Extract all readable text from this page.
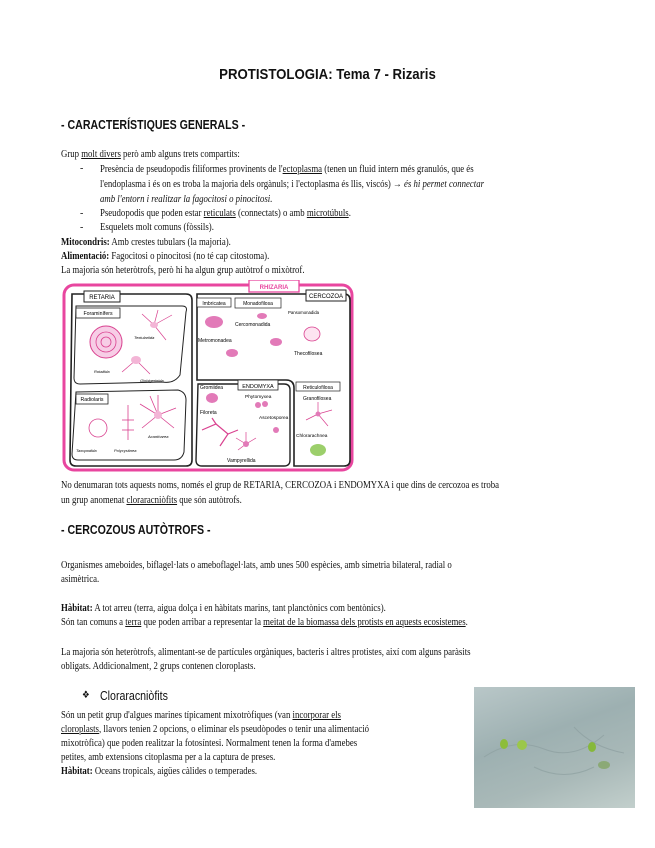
PROTISTOLOGIA: Tema 7 - Rizaris
- CARACTERÍSTIQUES GENERALS -
Grup molt divers però amb alguns trets compartits:
- Presència de pseudopodis filiformes provinents de l'ectoplasma (tenen un fluid intern més granulós, que és
l'endoplasma i és on es troba la majoria dels orgànuls; i l'ectoplasma és llis, viscós) → és hi permet connectar
amb l'entorn i realitzar la fagocitosi o pinocitosi.
- Pseudopodis que poden estar reticulats (connectats) o amb microtúbuls.
- Esquelets molt comuns (fòssils).
Mitocondris: Amb crestes tubulars (la majoria).
Alimentació: Fagocitosi o pinocitosi (no té cap citostoma).
La majoria són heteròtrofs, però hi ha algun grup autòtrof o mixòtrof.
RHIZARIA
RETARIA
Foraminífers
Textulariida
Rotaliida
Globigerinida
Radiolaris
Taxopodida	Polycystinea
Acantharea
CERCOZOA
Imbricatea	Monadofilosa
Pansomonadida
Cercomonadida
Metromonadea
Thecofilosea
ENDOMYXA
Gromiidea
Filoreta
Phytomyxea
Ascetosporea
Vampyrellida
Reticulofilosa
Granofilosea
Chlorarachnea
No denumaran tots aquests noms, només el grup de RETARIA, CERCOZOA i ENDOMYXA i que dins de cercozoa es troba
un grup anomenat cloraracniòfits que són autòtrofs.
- CERCOZOUS AUTÒTROFS -
Organismes ameboides, biflagel·lats o ameboflagel·lats, amb unes 500 espècies, amb simetria bilateral, radial o
asimètrica.
Hàbitat: A tot arreu (terra, aigua dolça i en hàbitats marins, tant planctònics com bentònics).
Són tan comuns a terra que poden arribar a representar la meitat de la biomassa dels protists en aquests ecosistemes.
La majoria són heteròtrofs, alimentant-se de partícules orgàniques, bacteris i altres protistes, així com alguns paràsits
obligats. Addicionalment, 2 grups contenen cloroplasts.
❖ Cloraracniòfits
Són un petit grup d'algues marines típicament mixotròfiques (van incorporar els
cloroplasts, llavors tenien 2 opcions, o eliminar els pseudòpodes o tenir una alimentació
mixotròfica) que poden realitzar la fotosíntesi. Normalment tenen la forma d'amebes
petites, amb extensions citoplasma per a la captura de preses.
Hàbitat: Oceans tropicals, aigües càlides o temperades.
